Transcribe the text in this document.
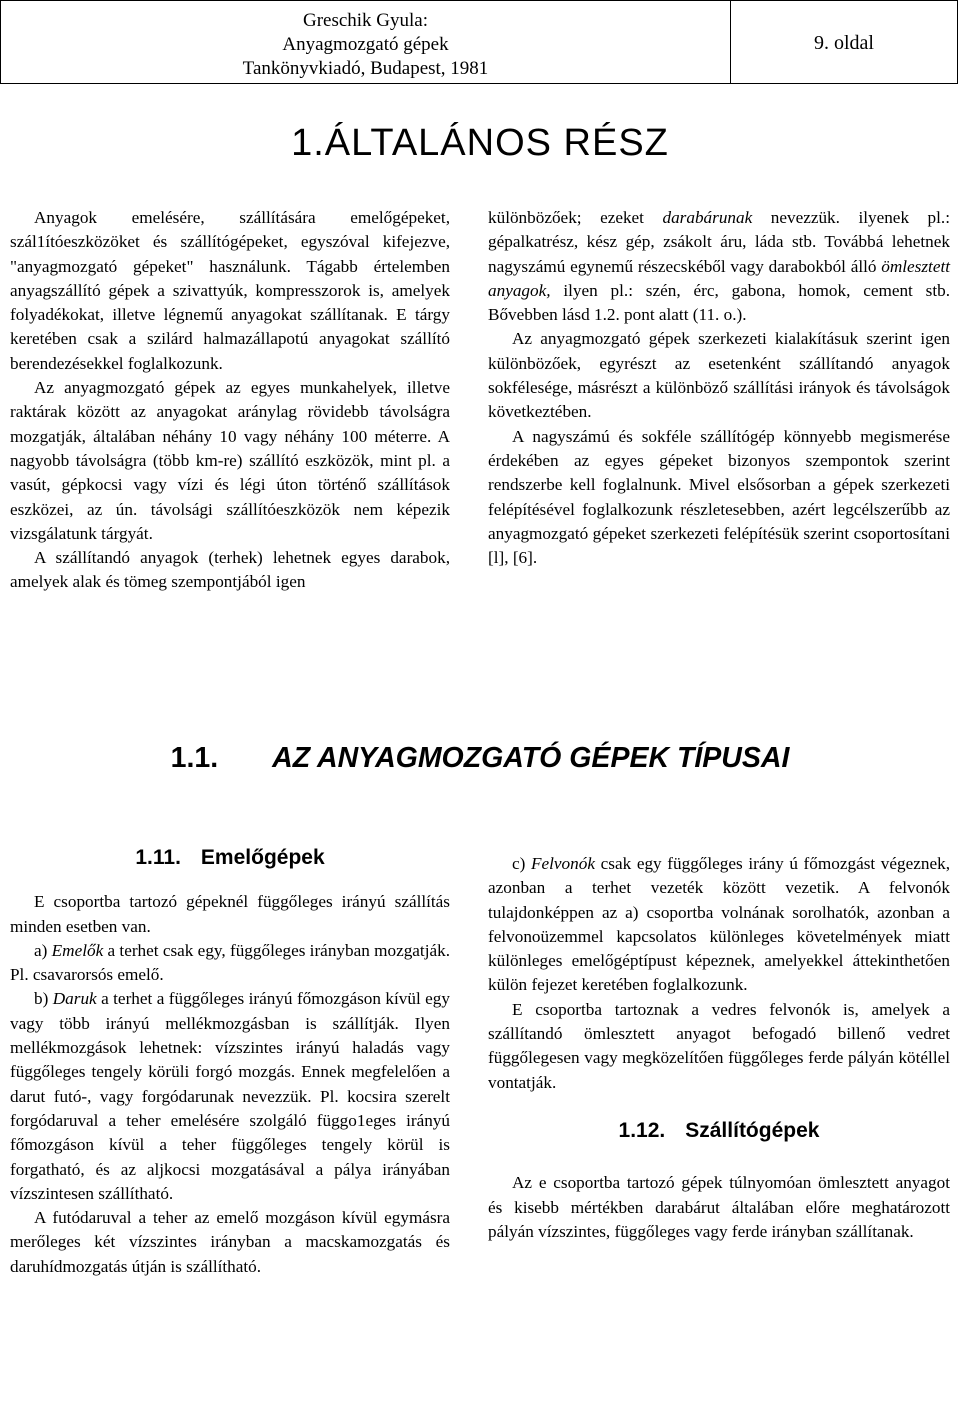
Greschik Gyula:
Anyagmozgató gépek
Tankönyvkiadó, Budapest, 1981
9. oldal
1.ÁLTALÁNOS RÉSZ

Anyagok emelésére, szállítására emelőgépeket, szál1ítóeszközöket és szállítógépeket, egyszóval kifejezve, "anyagmozgató gépeket" használunk. Tágabb értelemben anyagszállító gépek a szivattyúk, kompresszorok is, amelyek folyadékokat, illetve légnemű anyagokat szállítanak. E tárgy keretében csak a szilárd halmazállapotú anyagokat szállító berendezésekkel foglalkozunk.

Az anyagmozgató gépek az egyes munkahelyek, illetve raktárak között az anyagokat aránylag rövidebb távolságra mozgatják, általában néhány 10 vagy néhány 100 méterre. A nagyobb távolságra (több km-re) szállító eszközök, mint pl. a vasút, gépkocsi vagy vízi és légi úton történő szállítások eszközei, az ún. távolsági szállítóeszközök nem képezik vizsgálatunk tárgyát.

A szállítandó anyagok (terhek) lehetnek egyes darabok, amelyek alak és tömeg szempontjából igen

különbözőek; ezeket darabárunak nevezzük. ilyenek pl.: gépalkatrész, kész gép, zsákolt áru, láda stb. Továbbá lehetnek nagyszámú egynemű részecskéből vagy darabokból álló ömlesztett anyagok, ilyen pl.: szén, érc, gabona, homok, cement stb. Bővebben lásd 1.2. pont alatt (11. o.).

Az anyagmozgató gépek szerkezeti kialakításuk szerint igen különbözőek, egyrészt az esetenként szállítandó anyagok sokfélesége, másrészt a különböző szállítási irányok és távolságok következtében.

A nagyszámú és sokféle szállítógép könnyebb megismerése érdekében az egyes gépeket bizonyos szempontok szerint rendszerbe kell foglalnunk. Mivel elsősorban a gépek szerkezeti felépítésével foglalkozunk részletesebben, azért legcélszerűbb az anyagmozgató gépeket szerkezeti felépítésük szerint csoportosítani [l], [6].

1.1. AZ ANYAGMOZGATÓ GÉPEK TÍPUSAI
1.11. Emelőgépek

E csoportba tartozó gépeknél függőleges irányú szállítás minden esetben van.

a) Emelők a terhet csak egy, függőleges irányban mozgatják. Pl. csavarorsós emelő.

b) Daruk a terhet a függőleges irányú főmozgáson kívül egy vagy több irányú mellékmozgásban is szállítják. Ilyen mellékmozgások lehetnek: vízszintes irányú haladás vagy függőleges tengely körüli forgó mozgás. Ennek megfelelően a darut futó-, vagy forgódarunak nevezzük. Pl. kocsira szerelt forgódaruval a teher emelésére szolgáló függo1eges irányú főmozgáson kívül a teher függőleges tengely körül is forgatható, és az aljkocsi mozgatásával a pálya irányában vízszintesen szállítható.

A futódaruval a teher az emelő mozgáson kívül egymásra merőleges két vízszintes irányban a macskamozgatás és daruhídmozgatás útján is szállítható.

c) Felvonók csak egy függőleges irány ú főmozgást végeznek, azonban a terhet vezeték között vezetik. A felvonók tulajdonképpen az a) csoportba volnának sorolhatók, azonban a felvonoüzemmel kapcsolatos különleges követelmények miatt különleges emelőgéptípust képeznek, amelyekkel áttekinthetően külön fejezet keretében foglalkozunk.

E csoportba tartoznak a vedres felvonók is, amelyek a szállítandó ömlesztett anyagot befogadó billenő vedret függőlegesen vagy megközelítően függőleges ferde pályán kötéllel vontatják.

1.12. Szállítógépek

Az e csoportba tartozó gépek túlnyomóan ömlesztett anyagot és kisebb mértékben darabárut általában előre meghatározott pályán vízszintes, függőleges vagy ferde irányban szállítanak.
